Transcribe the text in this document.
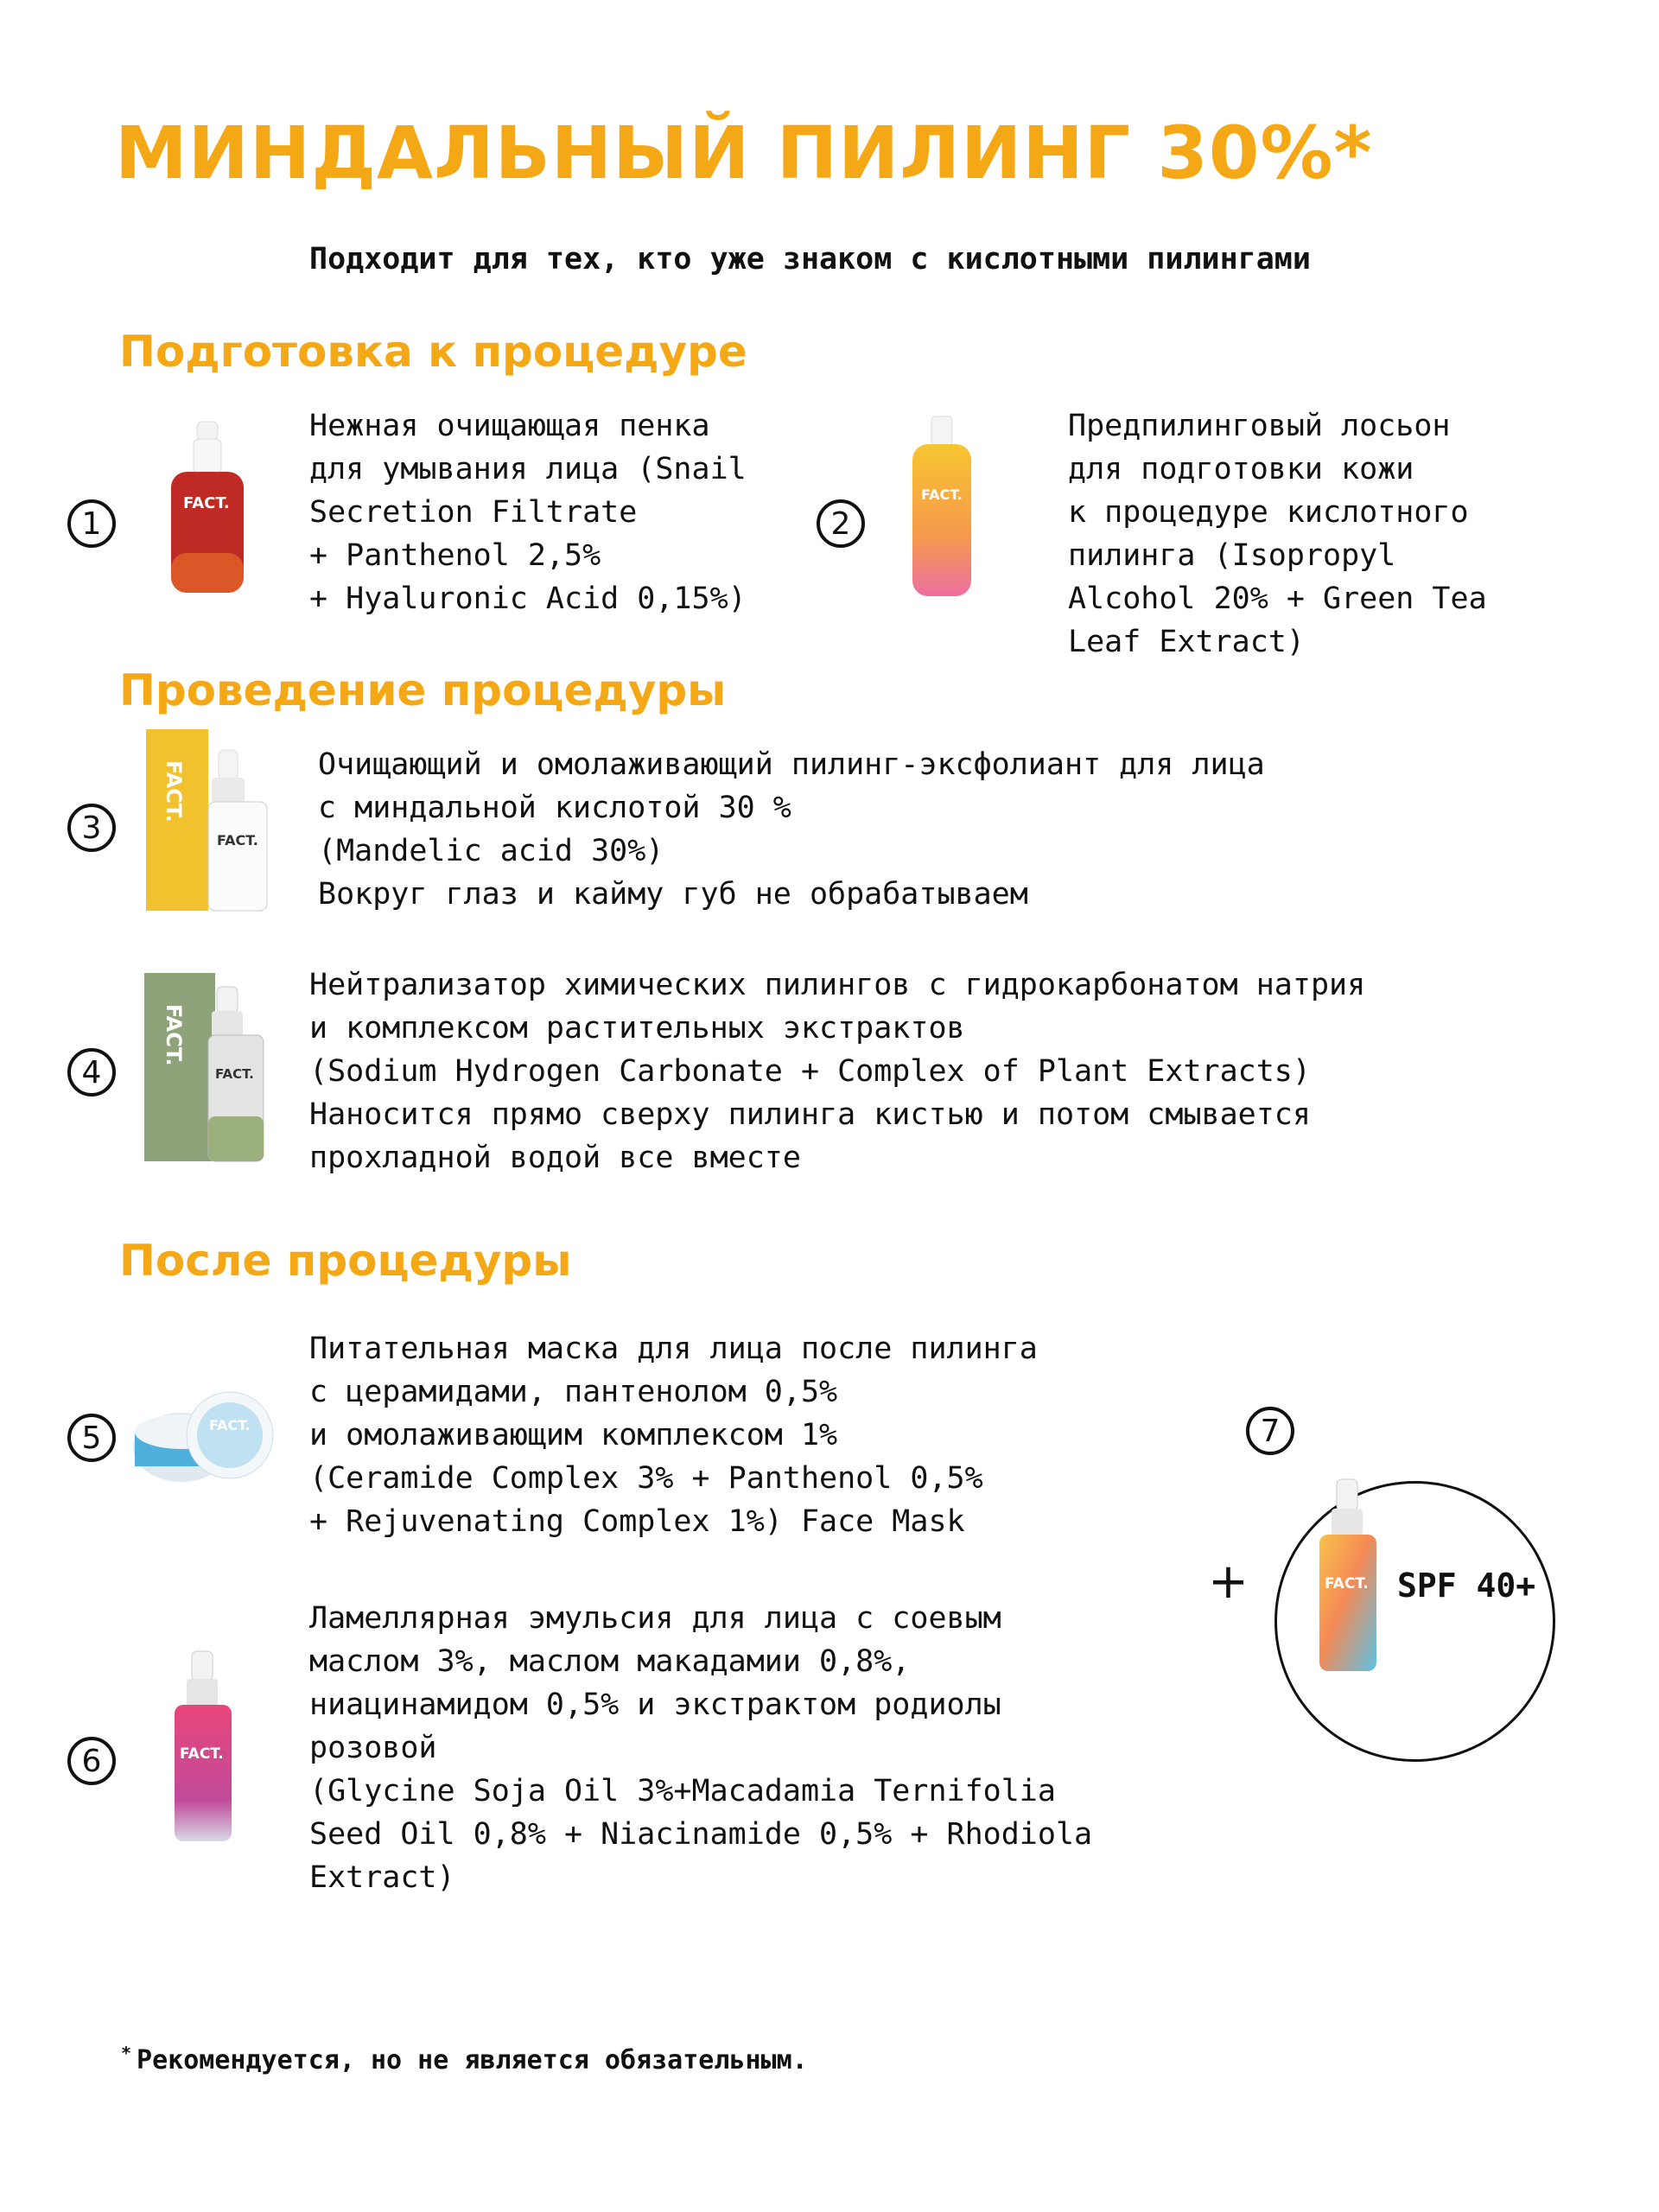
МИНДАЛЬНЫЙ ПИЛИНГ 30%*
Подходит для тех, кто уже знаком с кислотными пилингами
Подготовка к процедуре
1
FACT.
Нежная очищающая пенка
для умывания лица (Snail
Secretion Filtrate
+ Panthenol 2,5%
+ Hyaluronic Acid 0,15%)
2
FACT.
Предпилинговый лосьон
для подготовки кожи
к процедуре кислотного
пилинга (Isopropyl
Alcohol 20% + Green Tea
Leaf Extract)
Проведение процедуры
3
FACT.
FACT.
Очищающий и омолаживающий пилинг-эксфолиант для лица
с миндальной кислотой 30 %
(Mandelic acid 30%)
Вокруг глаз и кайму губ не обрабатываем
4
FACT.
FACT.
Нейтрализатор химических пилингов с гидрокарбонатом натрия
и комплексом растительных экстрактов
(Sodium Hydrogen Carbonate + Complex of Plant Extracts)
Наносится прямо сверху пилинга кистью и потом смывается
прохладной водой все вместе
После процедуры
5	FACT.
Питательная маска для лица после пилинга
с церамидами, пантенолом 0,5%
и омолаживающим комплексом 1%
(Ceramide Complex 3% + Panthenol 0,5%
+ Rejuvenating Complex 1%) Face Mask
6	FACT.
Ламеллярная эмульсия для лица с соевым
маслом 3%, маслом макадамии 0,8%,
ниацинамидом 0,5% и экстрактом родиолы
розовой
(Glycine Soja Oil 3%+Macadamia Ternifolia
Seed Oil 0,8% + Niacinamide 0,5% + Rhodiola
Extract)
7
+	FACT. SPF 40+
* Рекомендуется, но не является обязательным.
